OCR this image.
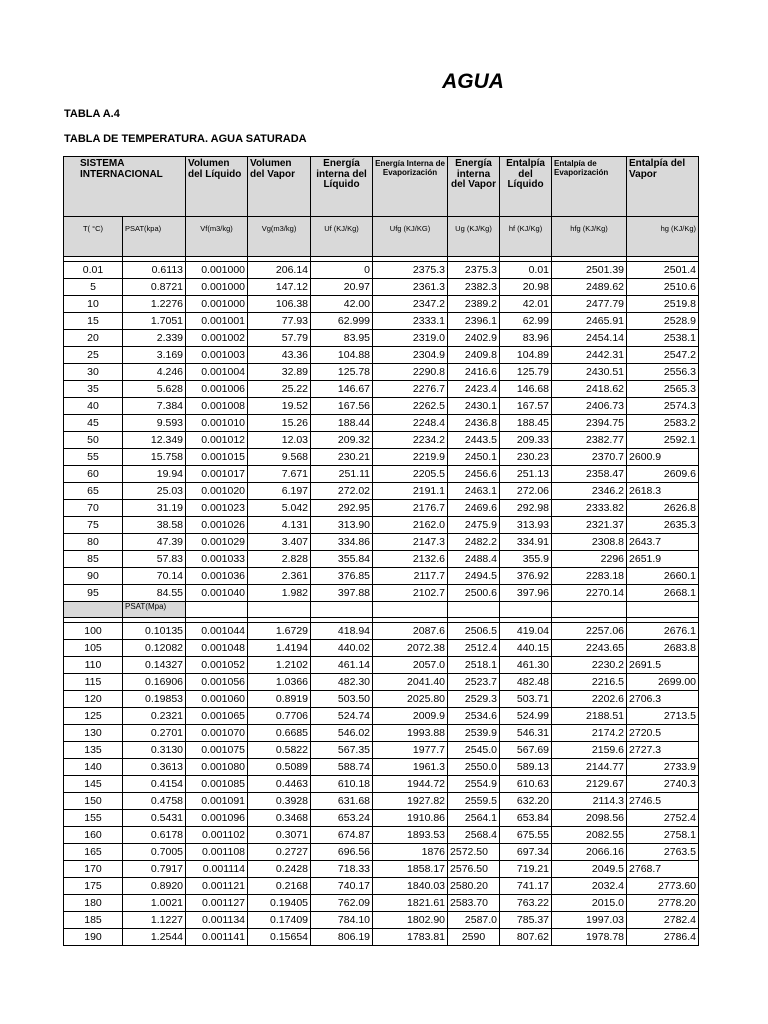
AGUA
TABLA A.4
TABLA DE TEMPERATURA. AGUA SATURADA
SISTEMA INTERNACIONAL		Volumen del Líquido	Volumen del Vapor	Energía interna del Líquido	Energía Interna de Evaporización	Energía interna del Vapor	Entalpía del Líquido	Entalpía de Evaporización	Entalpía del Vapor
T( °C)	PSAT(kpa)	Vf(m3/kg)	Vg(m3/kg)	Uf (KJ/Kg)	Ufg (KJ/KG)	Ug (KJ/Kg)	hf (KJ/Kg)	hfg (KJ/Kg)	hg (KJ/Kg)

0.01	0.6113	0.001000	206.14	0	2375.3	2375.3	0.01	2501.39	2501.4
5	0.8721	0.001000	147.12	20.97	2361.3	2382.3	20.98	2489.62	2510.6
10	1.2276	0.001000	106.38	42.00	2347.2	2389.2	42.01	2477.79	2519.8
15	1.7051	0.001001	77.93	62.999	2333.1	2396.1	62.99	2465.91	2528.9
20	2.339	0.001002	57.79	83.95	2319.0	2402.9	83.96	2454.14	2538.1
25	3.169	0.001003	43.36	104.88	2304.9	2409.8	104.89	2442.31	2547.2
30	4.246	0.001004	32.89	125.78	2290.8	2416.6	125.79	2430.51	2556.3
35	5.628	0.001006	25.22	146.67	2276.7	2423.4	146.68	2418.62	2565.3
40	7.384	0.001008	19.52	167.56	2262.5	2430.1	167.57	2406.73	2574.3
45	9.593	0.001010	15.26	188.44	2248.4	2436.8	188.45	2394.75	2583.2
50	12.349	0.001012	12.03	209.32	2234.2	2443.5	209.33	2382.77	2592.1
55	15.758	0.001015	9.568	230.21	2219.9	2450.1	230.23	2370.7	2600.9
60	19.94	0.001017	7.671	251.11	2205.5	2456.6	251.13	2358.47	2609.6
65	25.03	0.001020	6.197	272.02	2191.1	2463.1	272.06	2346.2	2618.3
70	31.19	0.001023	5.042	292.95	2176.7	2469.6	292.98	2333.82	2626.8
75	38.58	0.001026	4.131	313.90	2162.0	2475.9	313.93	2321.37	2635.3
80	47.39	0.001029	3.407	334.86	2147.3	2482.2	334.91	2308.8	2643.7
85	57.83	0.001033	2.828	355.84	2132.6	2488.4	355.9	2296	2651.9
90	70.14	0.001036	2.361	376.85	2117.7	2494.5	376.92	2283.18	2660.1
95	84.55	0.001040	1.982	397.88	2102.7	2500.6	397.96	2270.14	2668.1
	PSAT(Mpa)								

100	0.10135	0.001044	1.6729	418.94	2087.6	2506.5	419.04	2257.06	2676.1
105	0.12082	0.001048	1.4194	440.02	2072.38	2512.4	440.15	2243.65	2683.8
110	0.14327	0.001052	1.2102	461.14	2057.0	2518.1	461.30	2230.2	2691.5
115	0.16906	0.001056	1.0366	482.30	2041.40	2523.7	482.48	2216.5	2699.00
120	0.19853	0.001060	0.8919	503.50	2025.80	2529.3	503.71	2202.6	2706.3
125	0.2321	0.001065	0.7706	524.74	2009.9	2534.6	524.99	2188.51	2713.5
130	0.2701	0.001070	0.6685	546.02	1993.88	2539.9	546.31	2174.2	2720.5
135	0.3130	0.001075	0.5822	567.35	1977.7	2545.0	567.69	2159.6	2727.3
140	0.3613	0.001080	0.5089	588.74	1961.3	2550.0	589.13	2144.77	2733.9
145	0.4154	0.001085	0.4463	610.18	1944.72	2554.9	610.63	2129.67	2740.3
150	0.4758	0.001091	0.3928	631.68	1927.82	2559.5	632.20	2114.3	2746.5
155	0.5431	0.001096	0.3468	653.24	1910.86	2564.1	653.84	2098.56	2752.4
160	0.6178	0.001102	0.3071	674.87	1893.53	2568.4	675.55	2082.55	2758.1
165	0.7005	0.001108	0.2727	696.56	1876	2572.50	697.34	2066.16	2763.5
170	0.7917	0.001114	0.2428	718.33	1858.17	2576.50	719.21	2049.5	2768.7
175	0.8920	0.001121	0.2168	740.17	1840.03	2580.20	741.17	2032.4	2773.60
180	1.0021	0.001127	0.19405	762.09	1821.61	2583.70	763.22	2015.0	2778.20
185	1.1227	0.001134	0.17409	784.10	1802.90	2587.0	785.37	1997.03	2782.4
190	1.2544	0.001141	0.15654	806.19	1783.81	2590	807.62	1978.78	2786.4
